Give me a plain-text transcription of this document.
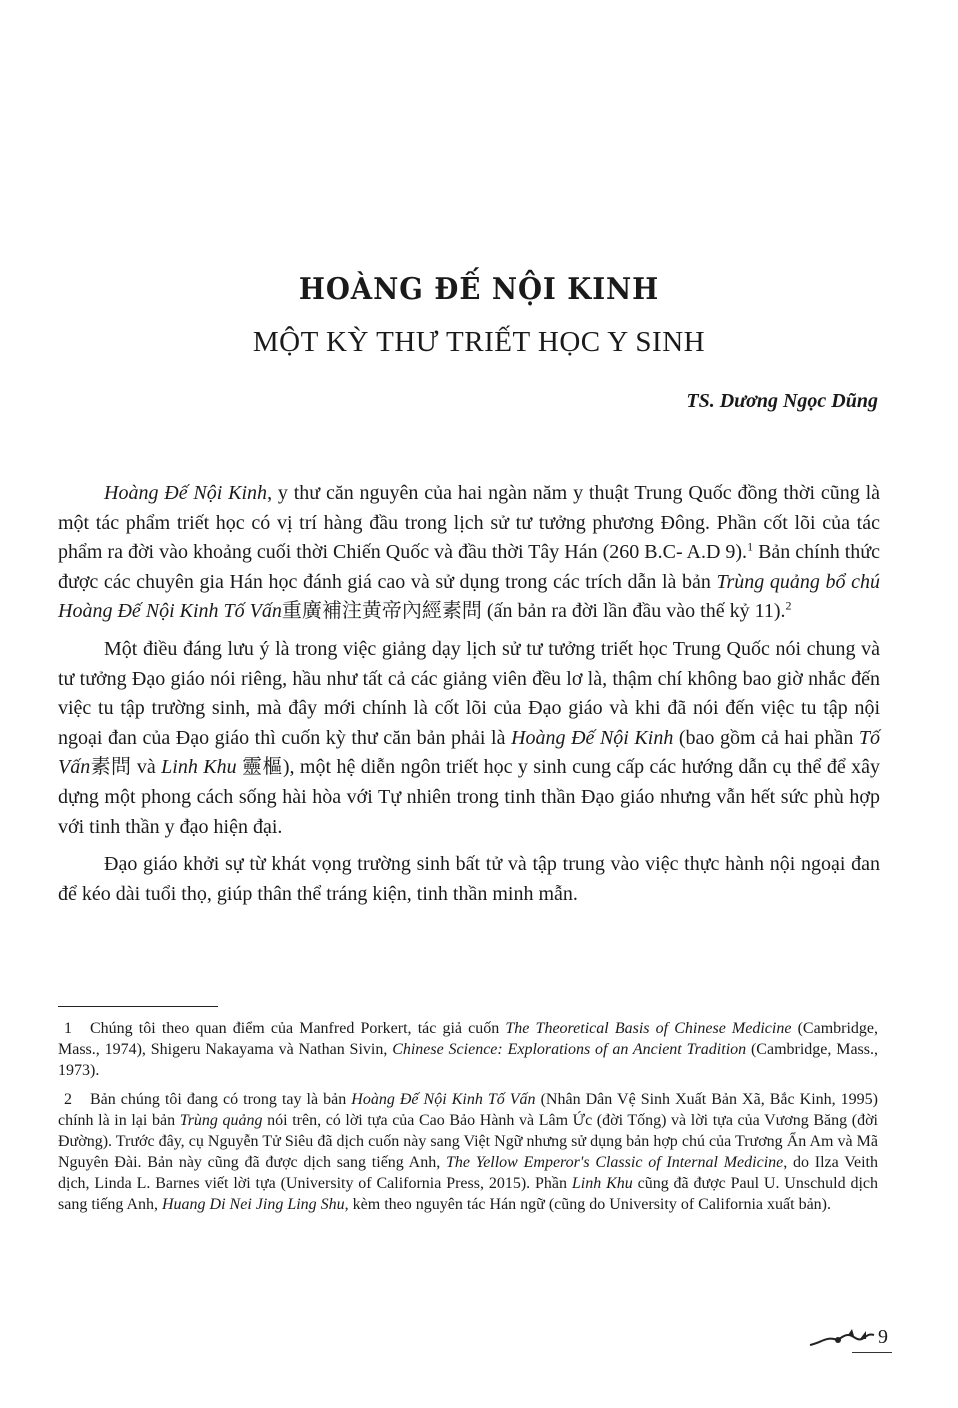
HOÀNG ĐẾ NỘI KINH
MỘT KỲ THƯ TRIẾT HỌC Y SINH
TS. Dương Ngọc Dũng

Hoàng Đế Nội Kinh, y thư căn nguyên của hai ngàn năm y thuật Trung Quốc đồng thời cũng là một tác phẩm triết học có vị trí hàng đầu trong lịch sử tư tưởng phương Đông. Phần cốt lõi của tác phẩm ra đời vào khoảng cuối thời Chiến Quốc và đầu thời Tây Hán (260 B.C- A.D 9).$^1$ Bản chính thức được các chuyên gia Hán học đánh giá cao và sử dụng trong các trích dẫn là bản Trùng quảng bổ chú Hoàng Đế Nội Kinh Tố Vấn重廣補注黄帝內經素問 (ấn bản ra đời lần đầu vào thế kỷ 11).$^2$

Một điều đáng lưu ý là trong việc giảng dạy lịch sử tư tưởng triết học Trung Quốc nói chung và tư tưởng Đạo giáo nói riêng, hầu như tất cả các giảng viên đều lơ là, thậm chí không bao giờ nhắc đến việc tu tập trường sinh, mà đây mới chính là cốt lõi của Đạo giáo và khi đã nói đến việc tu tập nội ngoại đan của Đạo giáo thì cuốn kỳ thư căn bản phải là Hoàng Đế Nội Kinh (bao gồm cả hai phần Tố Vấn素問 và Linh Khu 靈樞), một hệ diễn ngôn triết học y sinh cung cấp các hướng dẫn cụ thể để xây dựng một phong cách sống hài hòa với Tự nhiên trong tinh thần Đạo giáo nhưng vẫn hết sức phù hợp với tinh thần y đạo hiện đại.

Đạo giáo khởi sự từ khát vọng trường sinh bất tử và tập trung vào việc thực hành nội ngoại đan để kéo dài tuổi thọ, giúp thân thể tráng kiện, tinh thần minh mẫn.

1 Chúng tôi theo quan điểm của Manfred Porkert, tác giả cuốn The Theoretical Basis of Chinese Medicine (Cambridge, Mass., 1974), Shigeru Nakayama và Nathan Sivin, Chinese Science: Explorations of an Ancient Tradition (Cambridge, Mass., 1973).

2 Bản chúng tôi đang có trong tay là bản Hoàng Đế Nội Kinh Tố Vấn (Nhân Dân Vệ Sinh Xuất Bản Xã, Bắc Kinh, 1995) chính là in lại bản Trùng quảng nói trên, có lời tựa của Cao Bảo Hành và Lâm Ức (đời Tống) và lời tựa của Vương Băng (đời Đường). Trước đây, cụ Nguyễn Tử Siêu đã dịch cuốn này sang Việt Ngữ nhưng sử dụng bản hợp chú của Trương Ẩn Am và Mã Nguyên Đài. Bản này cũng đã được dịch sang tiếng Anh, The Yellow Emperor's Classic of Internal Medicine, do Ilza Veith dịch, Linda L. Barnes viết lời tựa (University of California Press, 2015). Phần Linh Khu cũng đã được Paul U. Unschuld dịch sang tiếng Anh, Huang Di Nei Jing Ling Shu, kèm theo nguyên tác Hán ngữ (cũng do University of California xuất bản).

9
